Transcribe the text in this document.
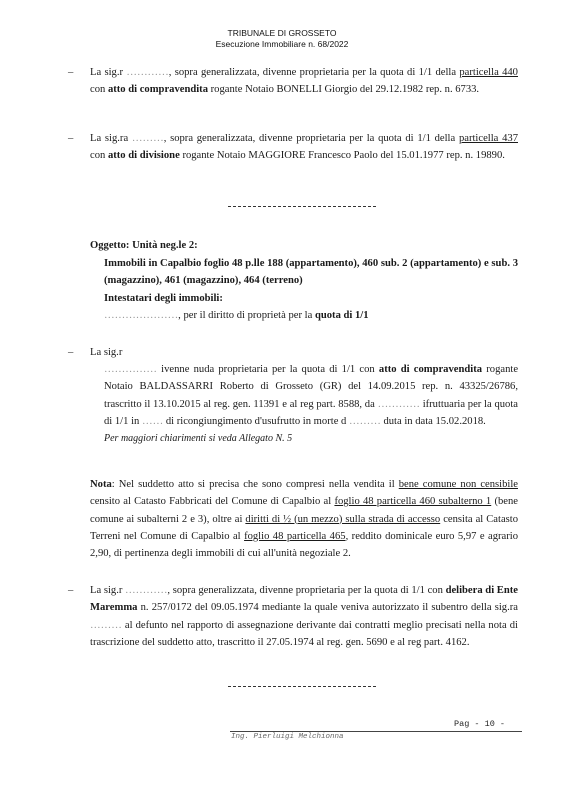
TRIBUNALE DI GROSSETO
Esecuzione Immobiliare n. 68/2022
– La sig.r …………, sopra generalizzata, divenne proprietaria per la quota di 1/1 della particella 440 con atto di compravendita rogante Notaio BONELLI Giorgio del 29.12.1982 rep. n. 6733.
– La sig.ra ………, sopra generalizzata, divenne proprietaria per la quota di 1/1 della particella 437 con atto di divisione rogante Notaio MAGGIORE Francesco Paolo del 15.01.1977 rep. n. 19890.
Oggetto: Unità neg.le 2:
Immobili in Capalbio foglio 48 p.lle 188 (appartamento), 460 sub. 2 (appartamento) e sub. 3 (magazzino), 461 (magazzino), 464 (terreno)
Intestatari degli immobili:
…………………, per il diritto di proprietà per la quota di 1/1
– La sig.r
…………… ivenne nuda proprietaria per la quota di 1/1 con atto di compravendita rogante Notaio BALDASSARRI Roberto di Grosseto (GR) del 14.09.2015 rep. n. 43325/26786, trascritto il 13.10.2015 al reg. gen. 11391 e al reg part. 8588, da ………… ifruttuaria per la quota di 1/1 in …… di ricongiungimento d'usufrutto in morte d ……… duta in data 15.02.2018.
Per maggiori chiarimenti si veda Allegato N. 5
Nota: Nel suddetto atto si precisa che sono compresi nella vendita il bene comune non censibile censito al Catasto Fabbricati del Comune di Capalbio al foglio 48 particella 460 subalterno 1 (bene comune ai subalterni 2 e 3), oltre ai diritti di ½ (un mezzo) sulla strada di accesso censita al Catasto Terreni nel Comune di Capalbio al foglio 48 particella 465, reddito dominicale euro 5,97 e agrario 2,90, di pertinenza degli immobili di cui all'unità negoziale 2.
– La sig.r …………, sopra generalizzata, divenne proprietaria per la quota di 1/1 con delibera di Ente Maremma n. 257/0172 del 09.05.1974 mediante la quale veniva autorizzato il subentro della sig.ra ……… al defunto nel rapporto di assegnazione derivante dai contratti meglio precisati nella nota di trascrizione del suddetto atto, trascritto il 27.05.1974 al reg. gen. 5690 e al reg part. 4162.
Pag - 10 -
Ing. Pierluigi Melchionna
